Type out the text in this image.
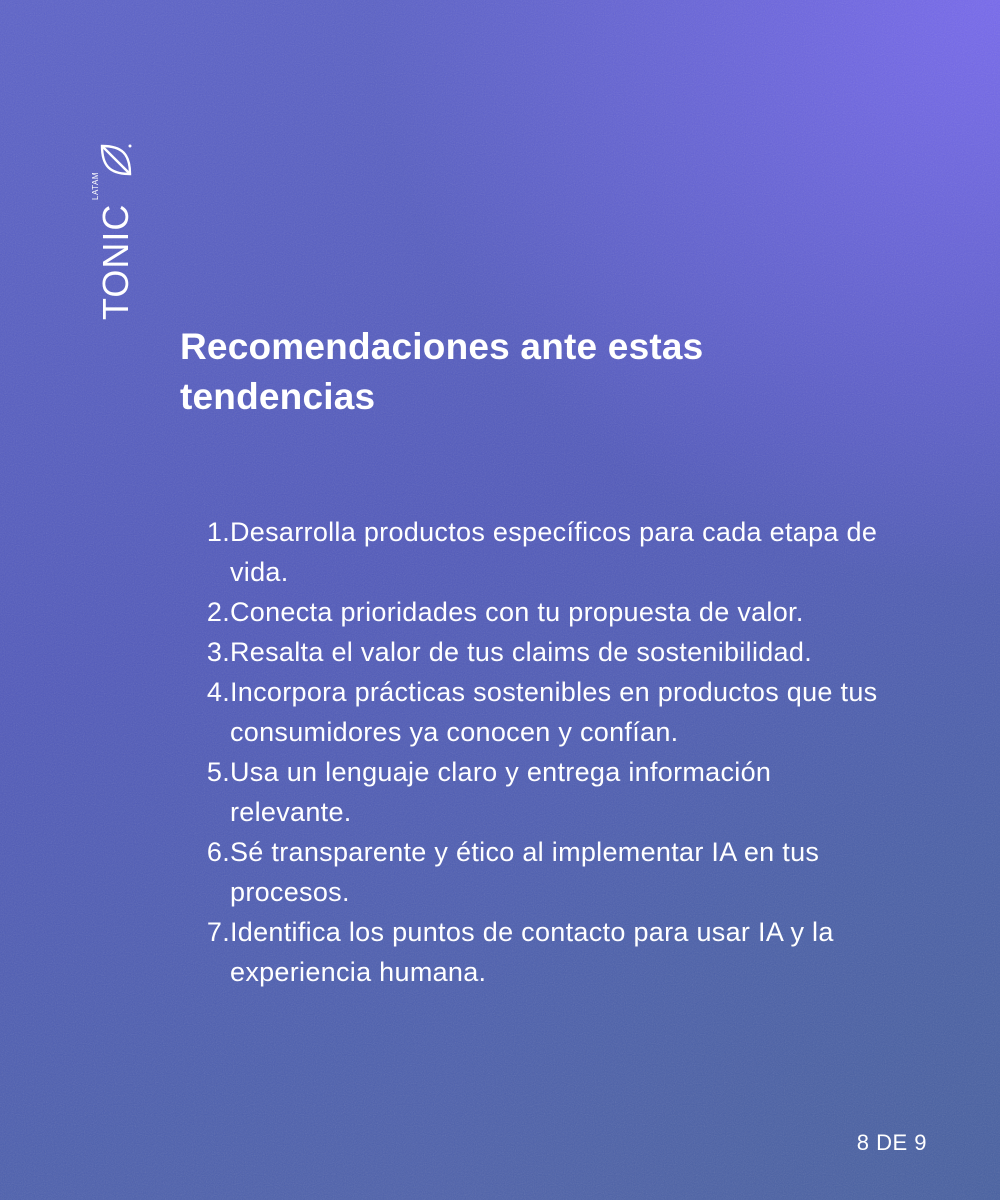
TONIC
LATAM
Recomendaciones ante estas tendencias
1. Desarrolla productos específicos para cada etapa de vida.
2. Conecta prioridades con tu propuesta de valor.
3. Resalta el valor de tus claims de sostenibilidad.
4. Incorpora prácticas sostenibles en productos que tus consumidores ya conocen y confían.
5. Usa un lenguaje claro y entrega información relevante.
6. Sé transparente y ético al implementar IA en tus procesos.
7. Identifica los puntos de contacto para usar IA y la experiencia humana.
8 DE 9
